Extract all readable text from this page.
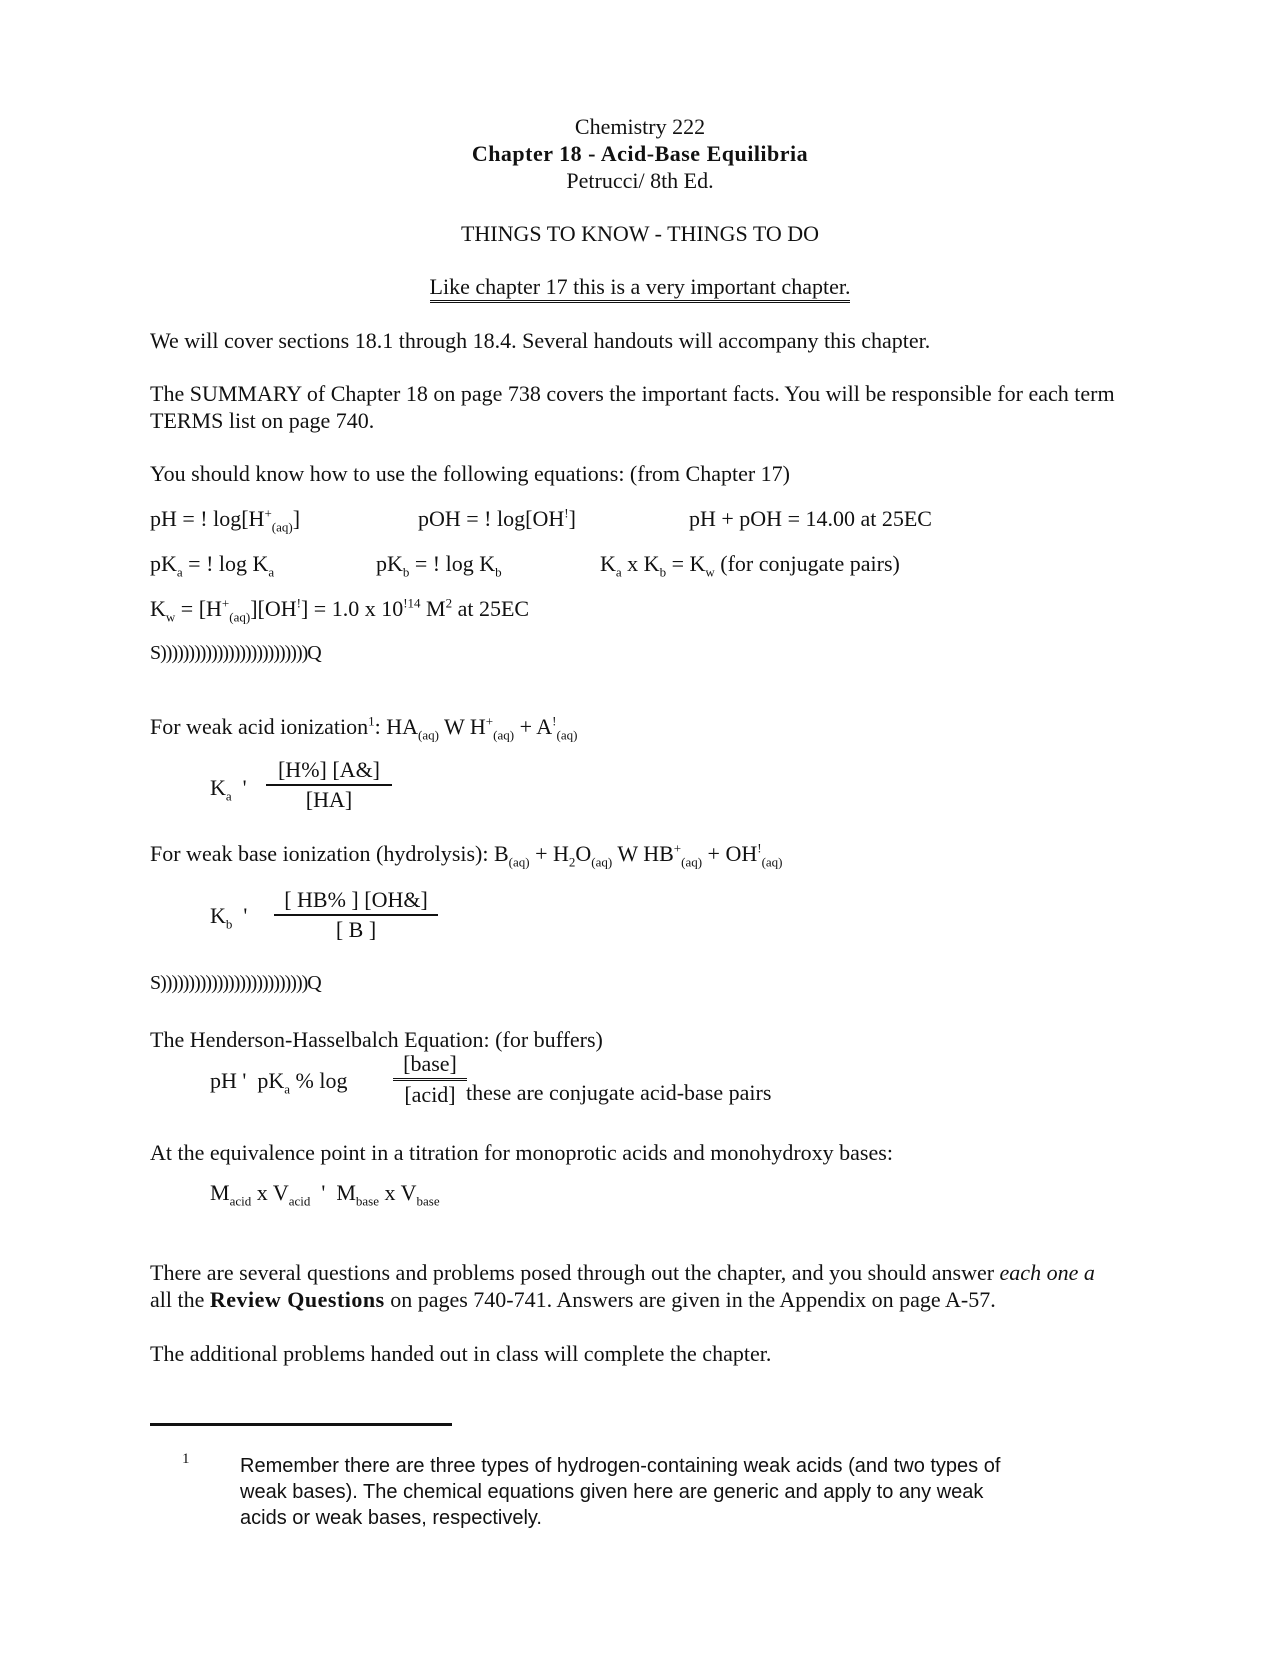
Chemistry 222
Chapter 18 - Acid-Base Equilibria
Petrucci/ 8th Ed.
THINGS TO KNOW - THINGS TO DO
Like chapter 17 this is a very important chapter.
We will cover sections 18.1 through 18.4. Several handouts will accompany this chapter.
The SUMMARY of Chapter 18 on page 738 covers the important facts. You will be responsible for each term
TERMS list on page 740.
You should know how to use the following equations: (from Chapter 17)
pH = ! $\log[H^+_{(aq)}]$	pOH = ! log[OH!]	pH + pOH = 14.00 at 25EC
$pK_a$ = ! $\log K_a$	$pK_b$ = ! $\log K_b$	$K_a$ x $K_b = K_w$ (for conjugate pairs)
$K_w = [H^+_{(aq)}][OH^!] = 1.0$ x $10^{!14}$ $M^2$ at 25EC
S))))))))))))))))))))))))))Q
For weak acid ionization$^1$: $HA_{(aq)}$ W $H^+_{(aq)} + A^!_{(aq)}$
$K_a$ '
[H%] [A&]
[HA]
For weak base ionization (hydrolysis): $B_{(aq)} + H_2O_{(aq)}$ W $HB^+_{(aq)} + OH^!_{(aq)}$
$K_b$ '
[ HB% ] [OH&]
[ B ]
S))))))))))))))))))))))))))Q
The Henderson-Hasselbalch Equation: (for buffers)
pH ' $pK_a$ % log
[base]
[acid] these are conjugate acid-base pairs
At the equivalence point in a titration for monoprotic acids and monohydroxy bases:
$M_{acid}$ x $V_{acid}$ ' $M_{base}$ x $V_{base}$
There are several questions and problems posed through out the chapter, and you should answer each one a
all the Review Questions on pages 740-741. Answers are given in the Appendix on page A-57.
The additional problems handed out in class will complete the chapter.
1	Remember there are three types of hydrogen-containing weak acids (and two types of
weak bases). The chemical equations given here are generic and apply to any weak
acids or weak bases, respectively.
